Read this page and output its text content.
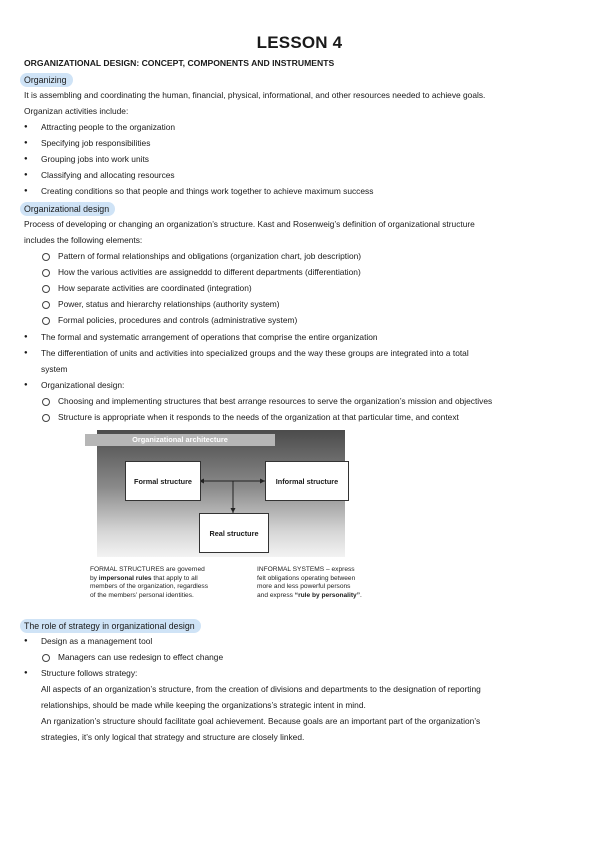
LESSON 4
ORGANIZATIONAL DESIGN: CONCEPT, COMPONENTS AND INSTRUMENTS
Organizing
It is assembling and coordinating the human, financial, physical, informational, and other resources needed to achieve goals.
Organizan activities include:
● Attracting people to the organization
● Specifying job responsibilities
● Grouping jobs into work units
● Classifying and allocating resources
● Creating conditions so that people and things work together to achieve maximum success
Organizational design
Process of developing or changing an organization’s structure. Kast and Rosenweig’s definition of organizational structure
includes the following elements:
Pattern of formal relationships and obligations (organization chart, job description)
How the various activities are assigneddd to different departments (differentiation)
How separate activities are coordinated (integration)
Power, status and hierarchy relationships (authority system)
Formal policies, procedures and controls (administrative system)
● The formal and systematic arrangement of operations that comprise the entire organization
● The differentiation of units and activities into specialized groups and the way these groups are integrated into a total
system
● Organizational design:
Choosing and implementing structures that best arrange resources to serve the organization’s mission and objectives
Structure is appropriate when it responds to the needs of the organization at that particular time, and context
Organizational architecture
Formal structure	Informal structure
Real structure
FORMAL STRUCTURES are governed
by impersonal rules that apply to all
members of the organization, regardless
of the members’ personal identities.
INFORMAL SYSTEMS – express
felt obligations operating between
more and less powerful persons
and express “rule by personality”.
The role of strategy in organizational design
● Design as a management tool
Managers can use redesign to effect change
● Structure follows strategy:
All aspects of an organization’s structure, from the creation of divisions and departments to the designation of reporting
relationships, should be made while keeping the organizations’s strategic intent in mind.
An rganization’s structure should facilitate goal achievement. Because goals are an important part of the organization’s
strategies, it’s only logical that strategy and structure are closely linked.
